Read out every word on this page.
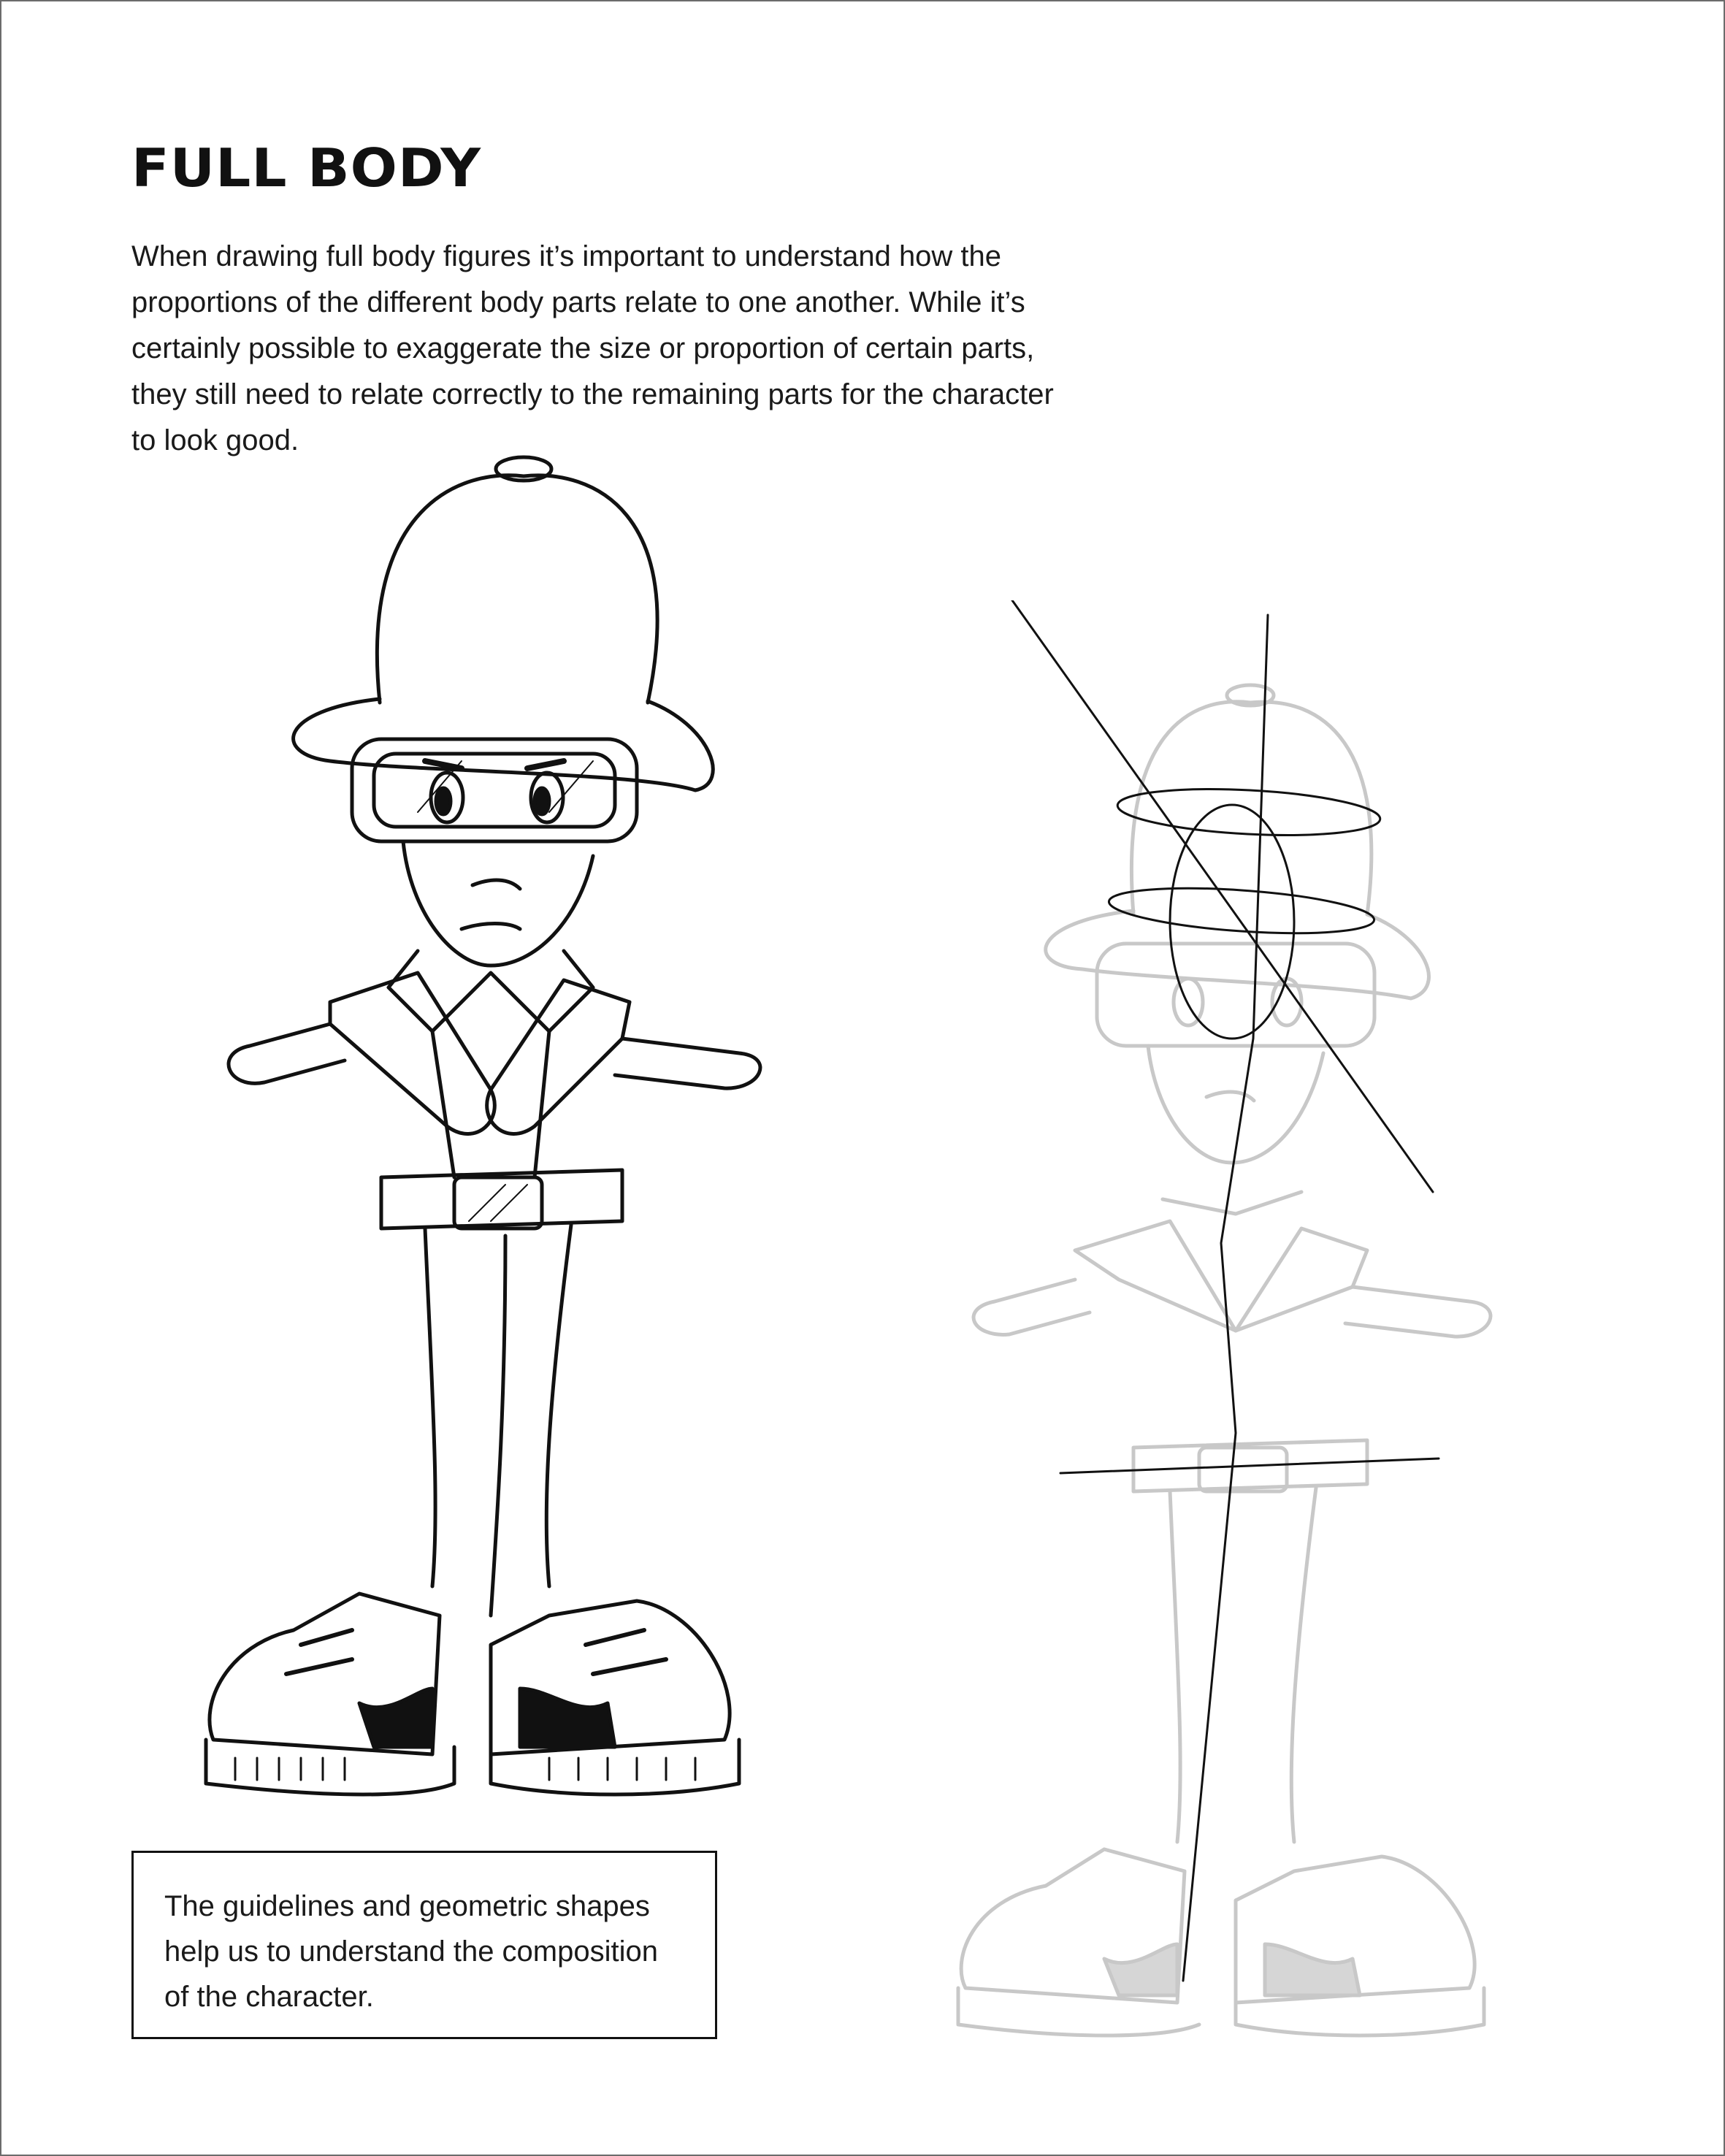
FULL BODY

When drawing full body figures it’s important to understand how the proportions of the different body parts relate to one another. While it’s certainly possible to exaggerate the size or proportion of certain parts, they still need to relate correctly to the remaining parts for the character to look good.

The guidelines and geometric shapes help us to understand the composition of the character.
